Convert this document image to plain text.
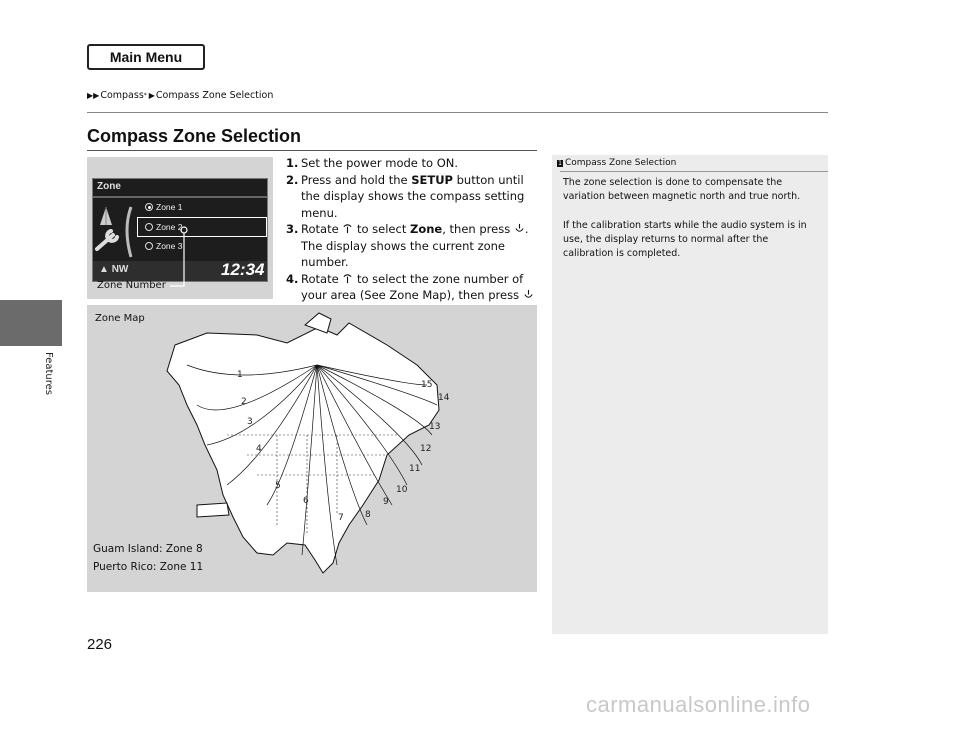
Main Menu
▶▶ Compass * ▶ Compass Zone Selection
Compass Zone Selection
Features
Zone
Zone 1
Zone 2
Zone 3
▲ NW	12:34
Zone Number
1. Set the power mode to ON.
2. Press and hold the SETUP button until the display shows the compass setting menu.
3. Rotate  to select Zone, then press . The display shows the current zone number.
4. Rotate  to select the zone number of your area (See Zone Map), then press
Zone Map
1
2
3
4
5
6
7 8
9
10
11
12
13
14
15
Guam Island: Zone 8
Puerto Rico: Zone 11
1 Compass Zone Selection
The zone selection is done to compensate the variation between magnetic north and true north.
If the calibration starts while the audio system is in use, the display returns to normal after the calibration is completed.
226
carmanualsonline.info
